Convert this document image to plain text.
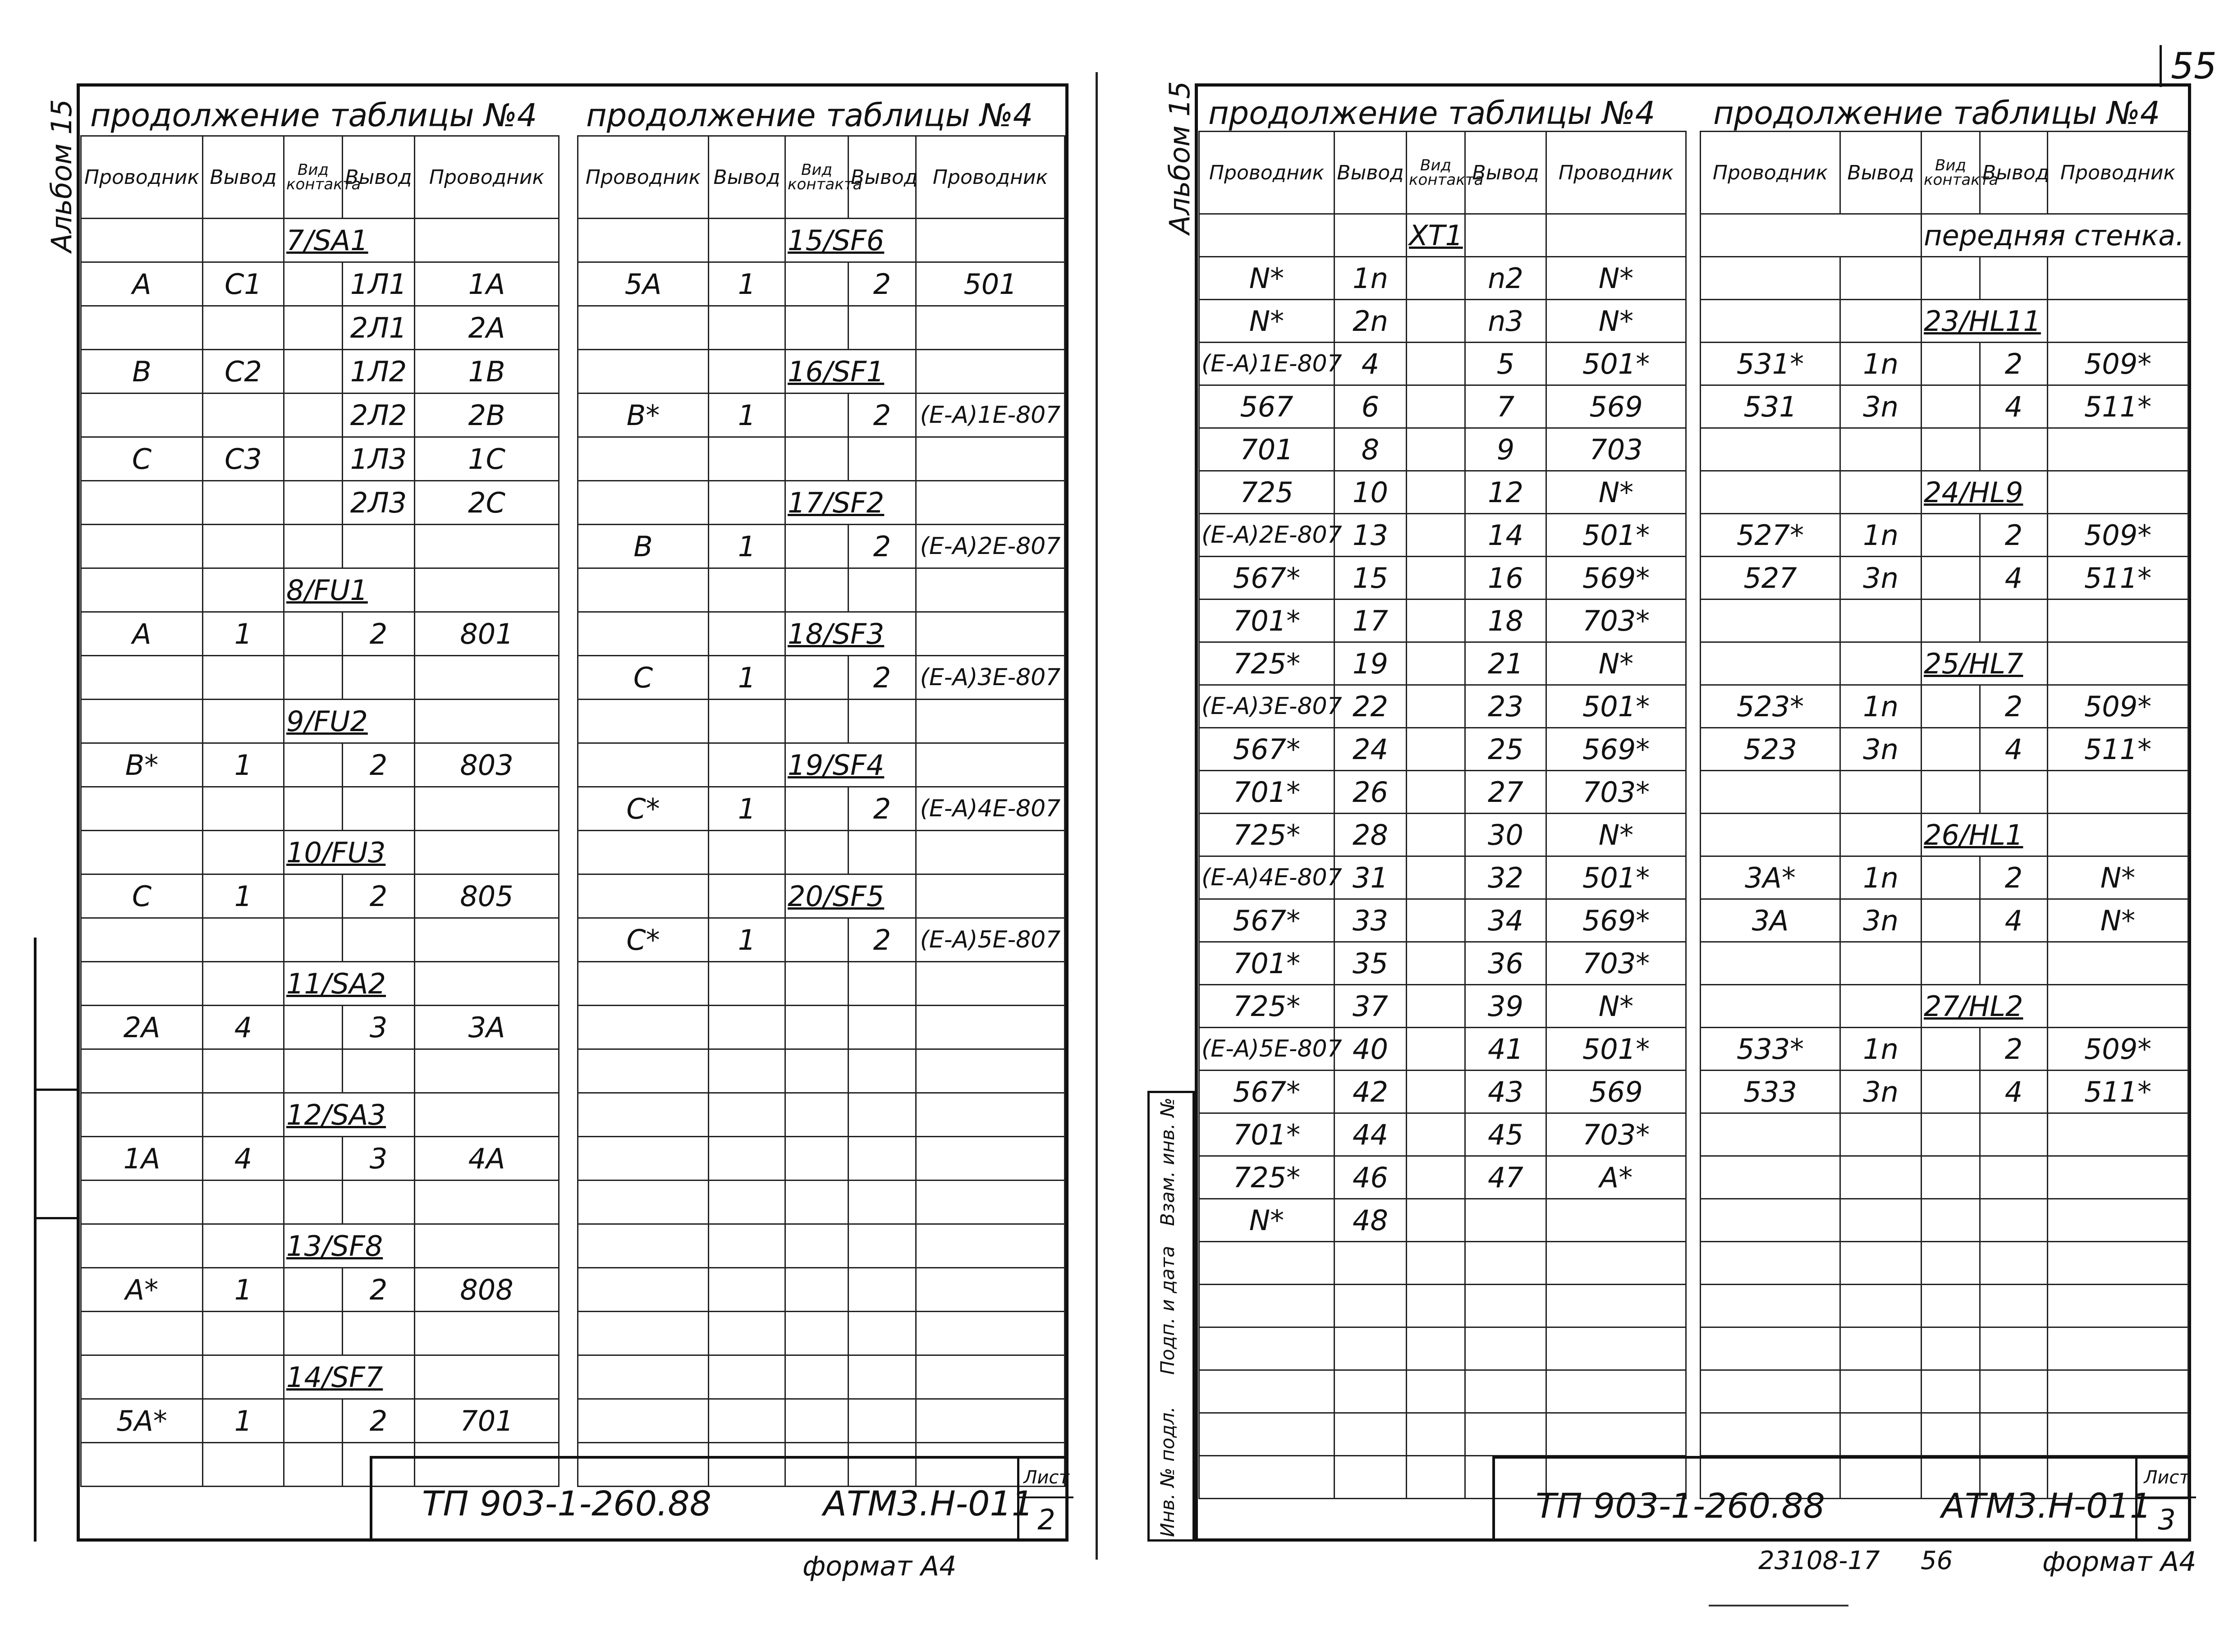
55
Альбом 15 продолжение таблицы №4 продолжение таблицы №4
Проводник	Вывод	Вид контакта	Вывод	Проводник
		7/SA1		
A	C1		1Л1	1A
			2Л1	2A
B	C2		1Л2	1B
			2Л2	2B
C	C3		1Л3	1C
			2Л3	2C

		8/FU1		
A	1		2	801

		9/FU2		
B*	1		2	803

		10/FU3		
C	1		2	805

		11/SA2		
2A	4		3	3A

		12/SA3		
1A	4		3	4A

		13/SF8		
A*	1		2	808

		14/SF7		
5A*	1		2	701

Проводник	Вывод	Вид контакта	Вывод	Проводник
		15/SF6		
5A	1		2	501

		16/SF1		
B*	1		2	(E-A)1E-807

		17/SF2		
B	1		2	(E-A)2E-807

		18/SF3		
C	1		2	(E-A)3E-807

		19/SF4		
C*	1		2	(E-A)4E-807

		20/SF5		
C*	1		2	(E-A)5E-807

ТП 903-1-260.88	АТМ3.Н-011
Лист
2
формат А4
Альбом 15 продолжение таблицы №4 продолжение таблицы №4
Проводник	Вывод	Вид контакта	Вывод	Проводник
		ХТ1		
N*	1n		n2	N*
N*	2n		n3	N*
(E-A)1E-807	4		5	501*
567	6		7	569
701	8		9	703
725	10		12	N*
(E-A)2E-807	13		14	501*
567*	15		16	569*
701*	17		18	703*
725*	19		21	N*
(E-A)3E-807	22		23	501*
567*	24		25	569*
701*	26		27	703*
725*	28		30	N*
(E-A)4E-807	31		32	501*
567*	33		34	569*
701*	35		36	703*
725*	37		39	N*
(E-A)5E-807	40		41	501*
567*	42		43	569
701*	44		45	703*
725*	46		47	A*
N*	48			

Проводник	Вывод	Вид контакта	Вывод	Проводник
		передняя стенка.		

		23/HL11		
531*	1n		2	509*
531	3n		4	511*

		24/HL9		
527*	1n		2	509*
527	3n		4	511*

		25/HL7		
523*	1n		2	509*
523	3n		4	511*

		26/HL1		
3A*	1n		2	N*
3A	3n		4	N*

		27/HL2		
533*	1n		2	509*
533	3n		4	511*

Инв. № подл.
Подп. и дата
Взам. инв. №
ТП 903-1-260.88	АТМ3.Н-011
Лист
3
23108-17 56	формат А4
